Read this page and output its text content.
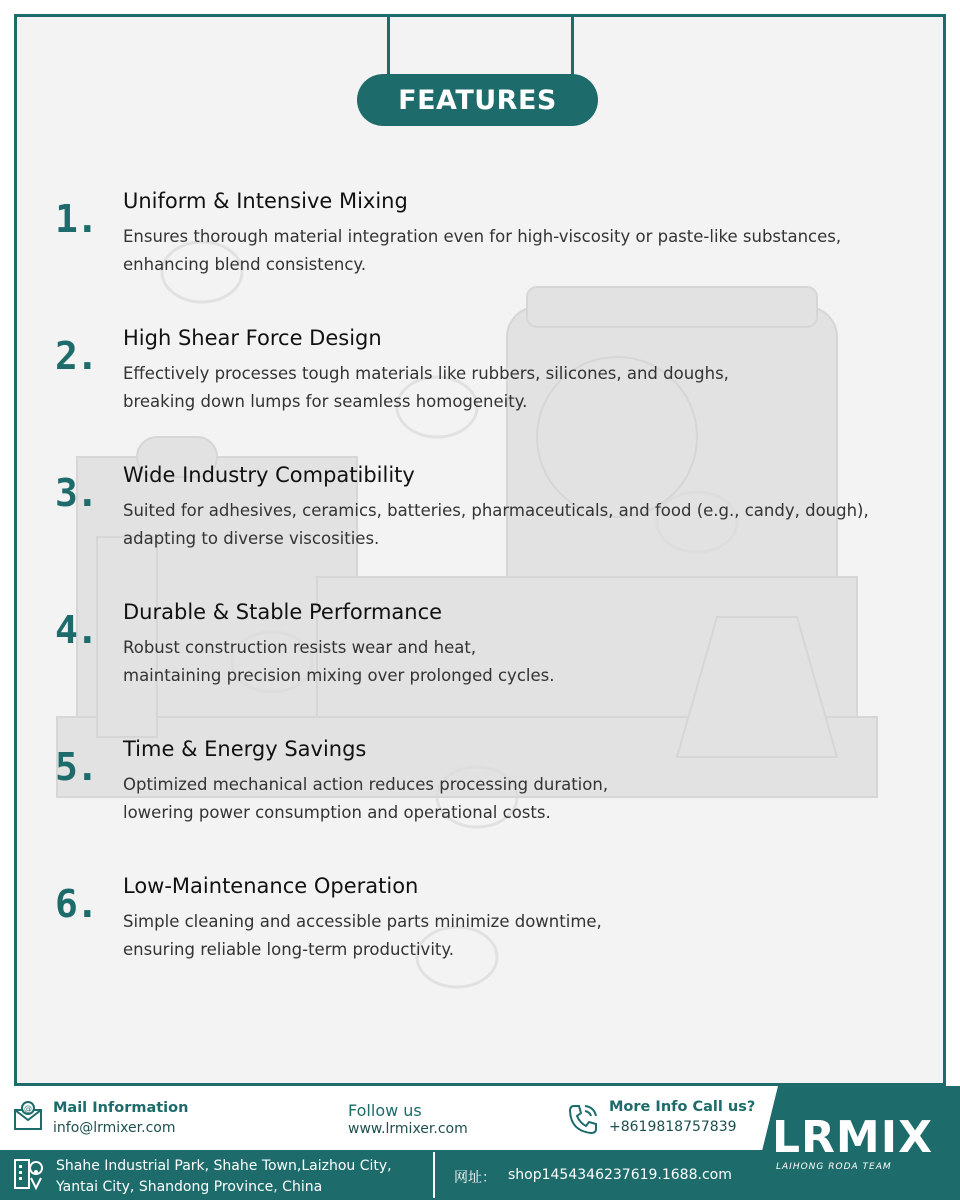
FEATURES
1. Uniform & Intensive Mixing
Ensures thorough material integration even for high-viscosity or paste-like substances,
enhancing blend consistency.
2. High Shear Force Design
Effectively processes tough materials like rubbers, silicones, and doughs,
breaking down lumps for seamless homogeneity.
3. Wide Industry Compatibility
Suited for adhesives, ceramics, batteries, pharmaceuticals, and food (e.g., candy, dough),
adapting to diverse viscosities.
4. Durable & Stable Performance
Robust construction resists wear and heat,
maintaining precision mixing over prolonged cycles.
5. Time & Energy Savings
Optimized mechanical action reduces processing duration,
lowering power consumption and operational costs.
6. Low-Maintenance Operation
Simple cleaning and accessible parts minimize downtime,
ensuring reliable long-term productivity.
@ Mail Information
info@lrmixer.com
Follow us
www.lrmixer.com
More Info Call us?
+8619818757839 LRMIX
LAIHONG RODA TEAM
Shahe Industrial Park, Shahe Town,Laizhou City,
Yantai City, Shandong Province, China
网址： shop1454346237619.1688.com
